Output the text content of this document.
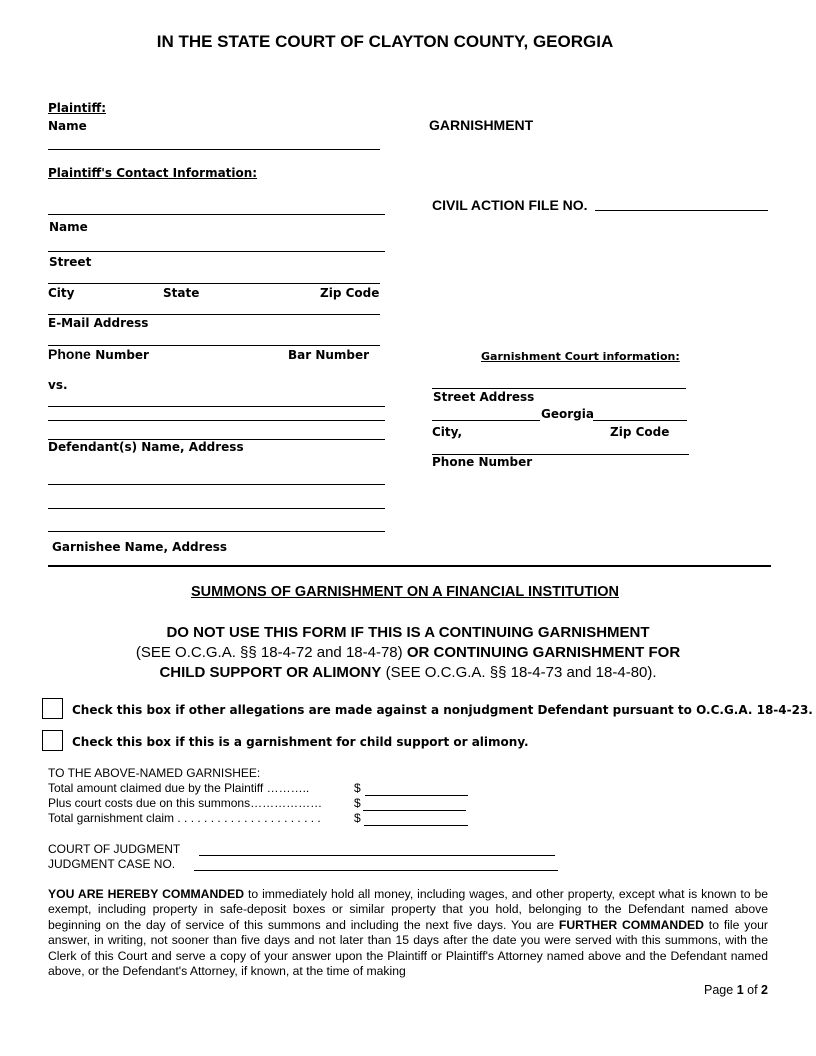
IN THE STATE COURT OF CLAYTON COUNTY, GEORGIA
Plaintiff:
Name
Plaintiff's Contact Information:
Name
Street
City	State	Zip Code
E-Mail Address
Phone Number	Bar Number
vs.
Defendant(s) Name, Address
Garnishee Name, Address
GARNISHMENT
CIVIL ACTION FILE NO.
Garnishment Court information:
Street Address
Georgia
City,	Zip Code
Phone Number
SUMMONS OF GARNISHMENT ON A FINANCIAL INSTITUTION
DO NOT USE THIS FORM IF THIS IS A CONTINUING GARNISHMENT
(SEE O.C.G.A. §§ 18-4-72 and 18-4-78) OR CONTINUING GARNISHMENT FOR
CHILD SUPPORT OR ALIMONY (SEE O.C.G.A. §§ 18-4-73 and 18-4-80).
Check this box if other allegations are made against a nonjudgment Defendant pursuant to O.C.G.A. 18-4-23.
Check this box if this is a garnishment for child support or alimony.
TO THE ABOVE-NAMED GARNISHEE:
Total amount claimed due by the Plaintiff ………..	$
Plus court costs due on this summons………………	$
Total garnishment claim . . . . . . . . . . . . . . . . . . . . . .	$
COURT OF JUDGMENT
JUDGMENT CASE NO.
YOU ARE HEREBY COMMANDED to immediately hold all money, including wages, and other property, except what is known to be exempt, including property in safe-deposit boxes or similar property that you hold, belonging to the Defendant named above beginning on the day of service of this summons and including the next five days. You are FURTHER COMMANDED to file your answer, in writing, not sooner than five days and not later than 15 days after the date you were served with this summons, with the Clerk of this Court and serve a copy of your answer upon the Plaintiff or Plaintiff's Attorney named above and the Defendant named above, or the Defendant's Attorney, if known, at the time of making
Page 1 of 2
